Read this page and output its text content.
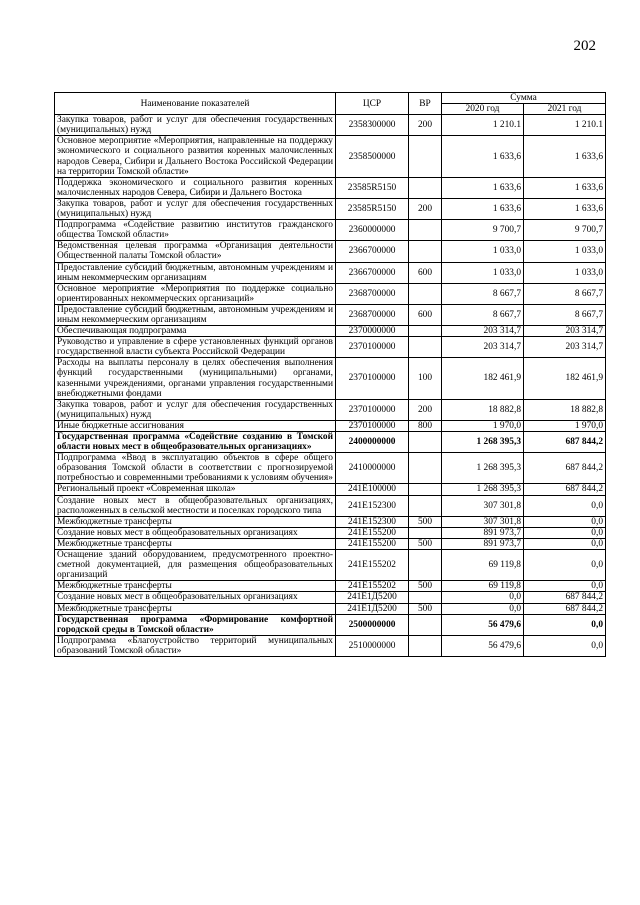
202
Наименование показателей	ЦСР	ВР	Сумма	
			2020 год	2021 год
Закупка товаров, работ и услуг для обеспечения государственных (муниципальных) нужд	2358300000	200	1 210.1	1 210.1
Основное мероприятие «Мероприятия, направленные на поддержку экономического и социального развития коренных малочисленных народов Севера, Сибири и Дальнего Востока Российской Федерации на территории Томской области»	2358500000		1 633,6	1 633,6
Поддержка экономического и социального развития коренных малочисленных народов Севера, Сибири и Дальнего Востока	23585R5150		1 633,6	1 633,6
Закупка товаров, работ и услуг для обеспечения государственных (муниципальных) нужд	23585R5150	200	1 633,6	1 633,6
Подпрограмма «Содействие развитию институтов гражданского общества Томской области»	2360000000		9 700,7	9 700,7
Ведомственная целевая программа «Организация деятельности Общественной палаты Томской области»	2366700000		1 033,0	1 033,0
Предоставление субсидий бюджетным, автономным учреждениям и иным некоммерческим организациям	2366700000	600	1 033,0	1 033,0
Основное мероприятие «Мероприятия по поддержке социально ориентированных некоммерческих организаций»	2368700000		8 667,7	8 667,7
Предоставление субсидий бюджетным, автономным учреждениям и иным некоммерческим организациям	2368700000	600	8 667,7	8 667,7
Обеспечивающая подпрограмма	2370000000		203 314,7	203 314,7
Руководство и управление в сфере установленных функций органов государственной власти субъекта Российской Федерации	2370100000		203 314,7	203 314,7
Расходы на выплаты персоналу в целях обеспечения выполнения функций государственными (муниципальными) органами, казенными учреждениями, органами управления государственными внебюджетными фондами	2370100000	100	182 461,9	182 461,9
Закупка товаров, работ и услуг для обеспечения государственных (муниципальных) нужд	2370100000	200	18 882,8	18 882,8
Иные бюджетные ассигнования	2370100000	800	1 970,0	1 970,0
Государственная программа «Содействие созданию в Томской области новых мест в общеобразовательных организациях»	2400000000		1 268 395,3	687 844,2
Подпрограмма «Ввод в эксплуатацию объектов в сфере общего образования Томской области в соответствии с прогнозируемой потребностью и современными требованиями к условиям обучения»	2410000000		1 268 395,3	687 844,2
Региональный проект «Современная школа»	241E100000		1 268 395,3	687 844,2
Создание новых мест в общеобразовательных организациях, расположенных в сельской местности и поселках городского типа	241E152300		307 301,8	0,0
Межбюджетные трансферты	241E152300	500	307 301,8	0,0
Создание новых мест в общеобразовательных организациях	241E155200		891 973,7	0,0
Межбюджетные трансферты	241E155200	500	891 973,7	0,0
Оснащение зданий оборудованием, предусмотренного проектно-сметной документацией, для размещения общеобразовательных организаций	241E155202		69 119,8	0,0
Межбюджетные трансферты	241E155202	500	69 119,8	0,0
Создание новых мест в общеобразовательных организациях	241E1Д5200		0,0	687 844,2
Межбюджетные трансферты	241E1Д5200	500	0,0	687 844,2
Государственная программа «Формирование комфортной городской среды в Томской области»	2500000000		56 479,6	0,0
Подпрограмма «Благоустройство территорий муниципальных образований Томской области»	2510000000		56 479,6	0,0
